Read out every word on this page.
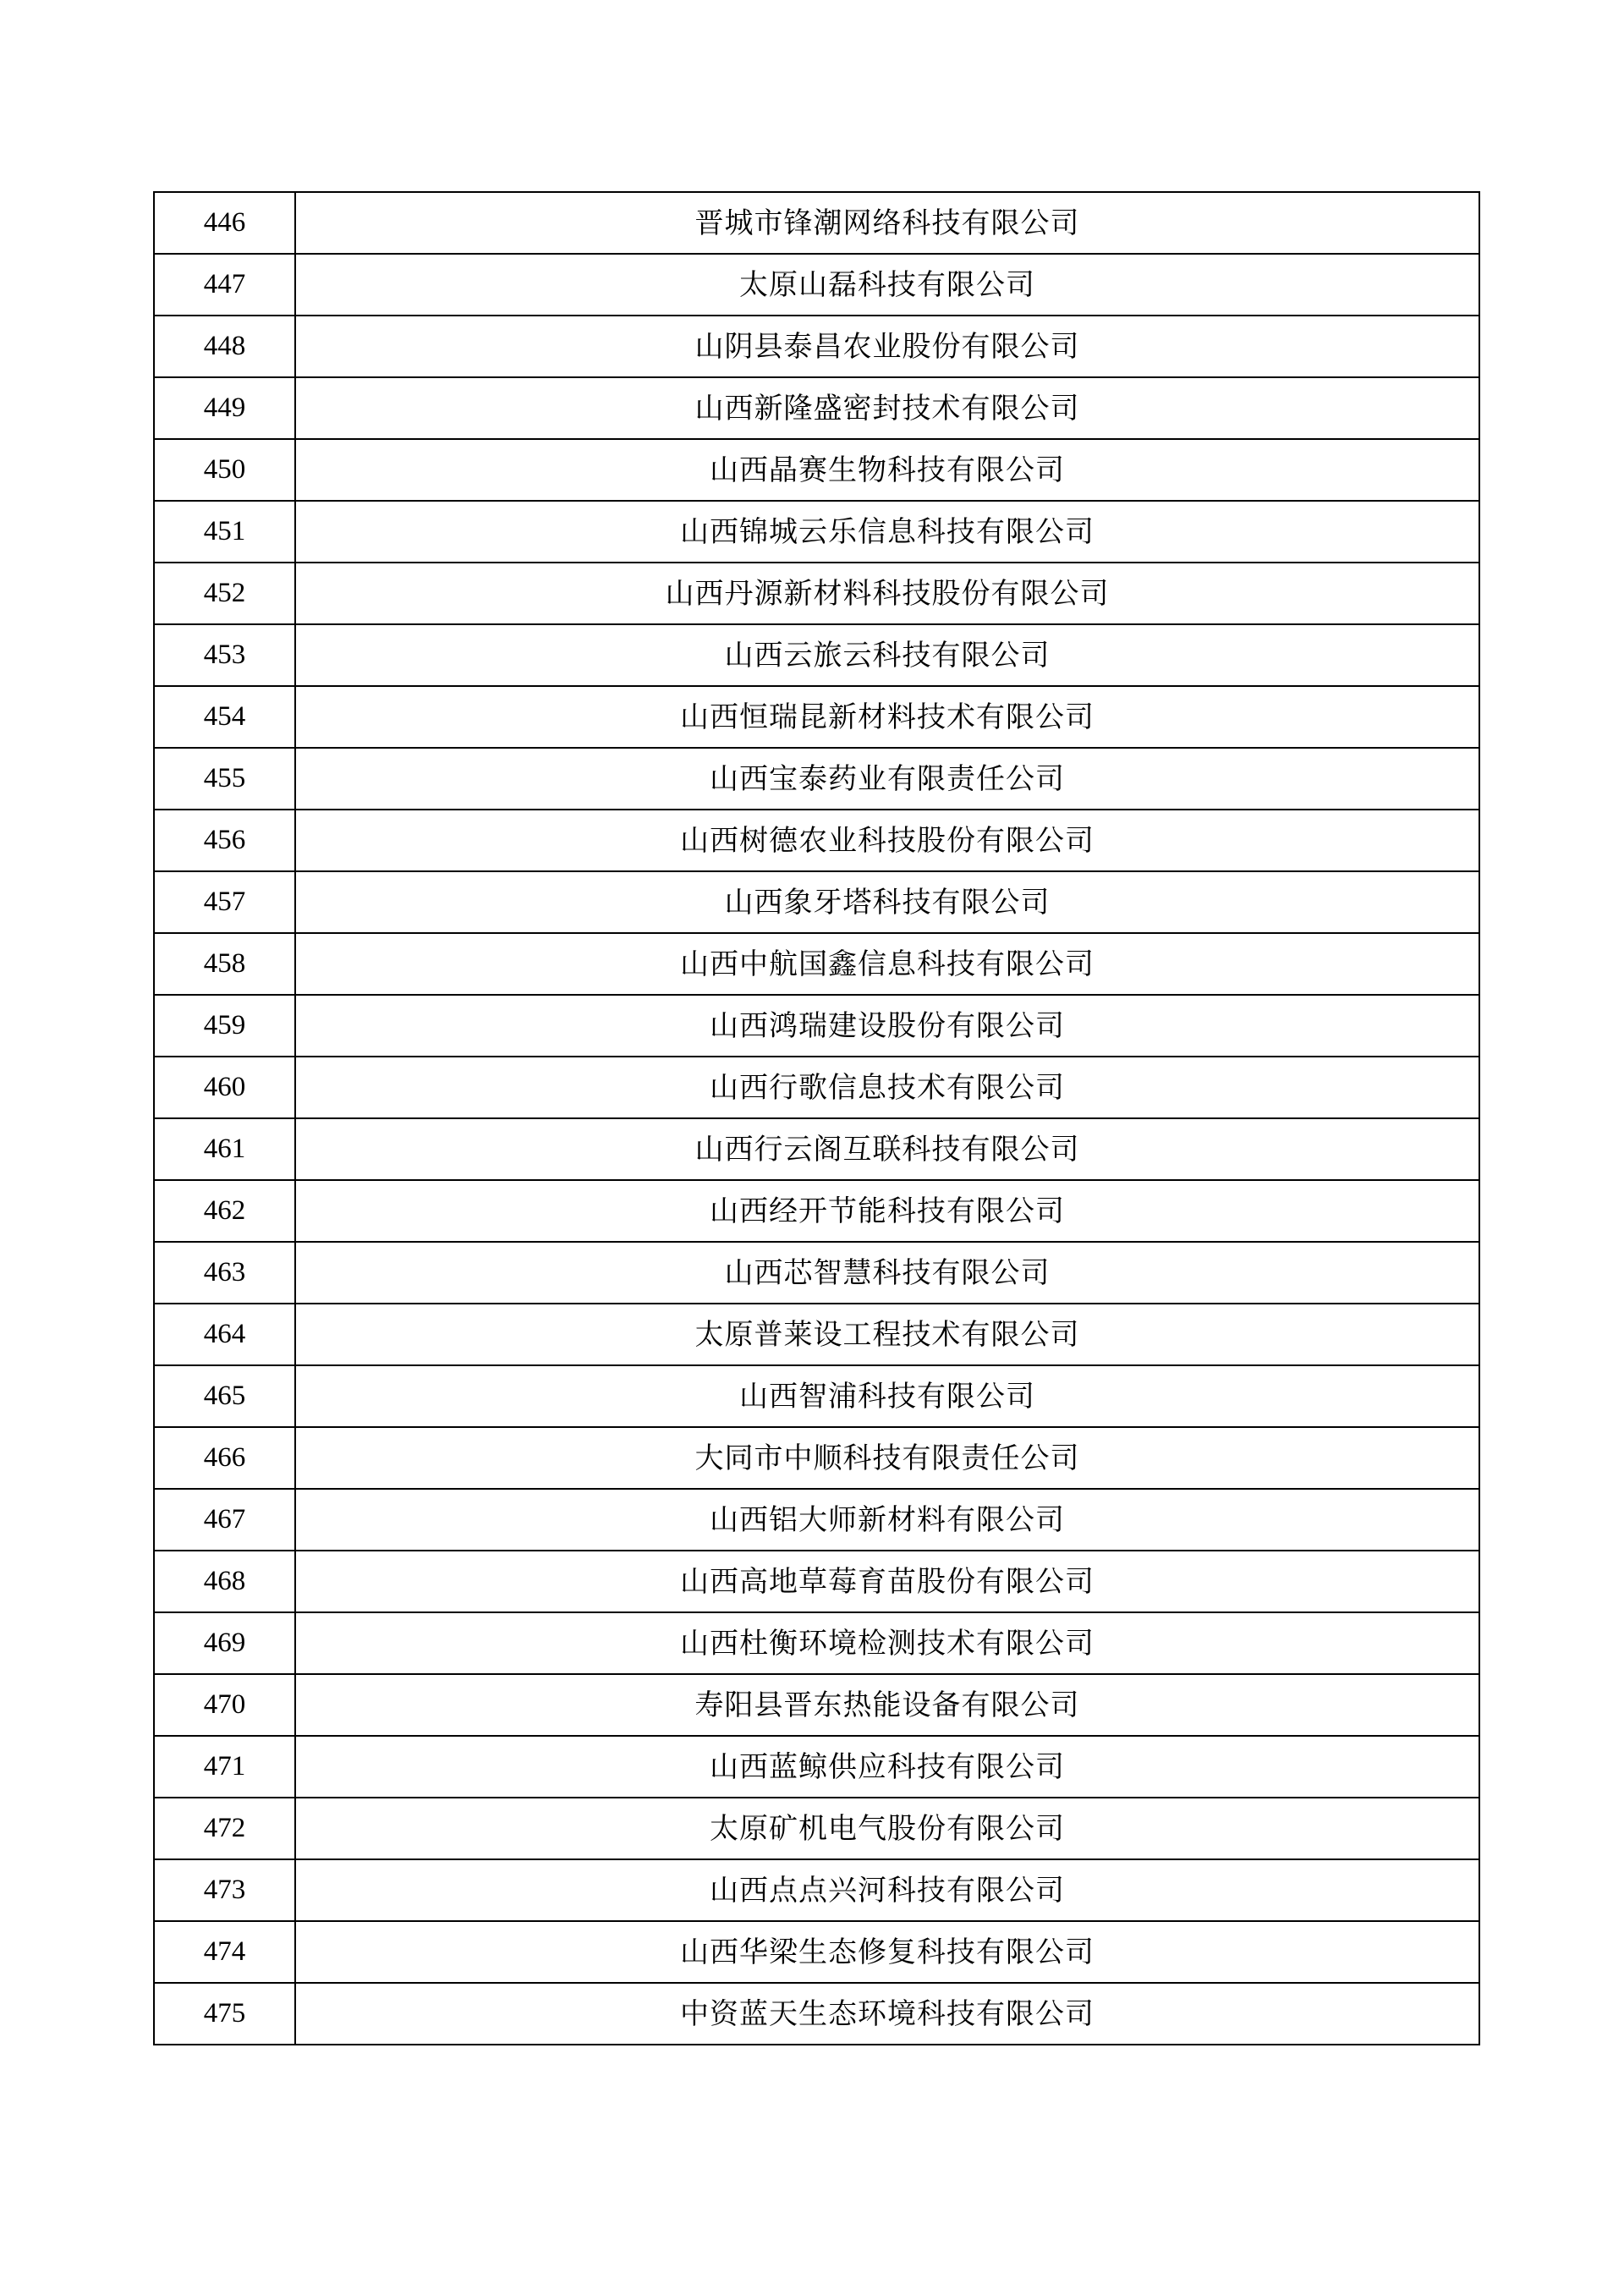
446	晋城市锋潮网络科技有限公司
447	太原山磊科技有限公司
448	山阴县泰昌农业股份有限公司
449	山西新隆盛密封技术有限公司
450	山西晶赛生物科技有限公司
451	山西锦城云乐信息科技有限公司
452	山西丹源新材料科技股份有限公司
453	山西云旅云科技有限公司
454	山西恒瑞昆新材料技术有限公司
455	山西宝泰药业有限责任公司
456	山西树德农业科技股份有限公司
457	山西象牙塔科技有限公司
458	山西中航国鑫信息科技有限公司
459	山西鸿瑞建设股份有限公司
460	山西行歌信息技术有限公司
461	山西行云阁互联科技有限公司
462	山西经开节能科技有限公司
463	山西芯智慧科技有限公司
464	太原普莱设工程技术有限公司
465	山西智浦科技有限公司
466	大同市中顺科技有限责任公司
467	山西铝大师新材料有限公司
468	山西高地草莓育苗股份有限公司
469	山西杜衡环境检测技术有限公司
470	寿阳县晋东热能设备有限公司
471	山西蓝鲸供应科技有限公司
472	太原矿机电气股份有限公司
473	山西点点兴河科技有限公司
474	山西华梁生态修复科技有限公司
475	中资蓝天生态环境科技有限公司
